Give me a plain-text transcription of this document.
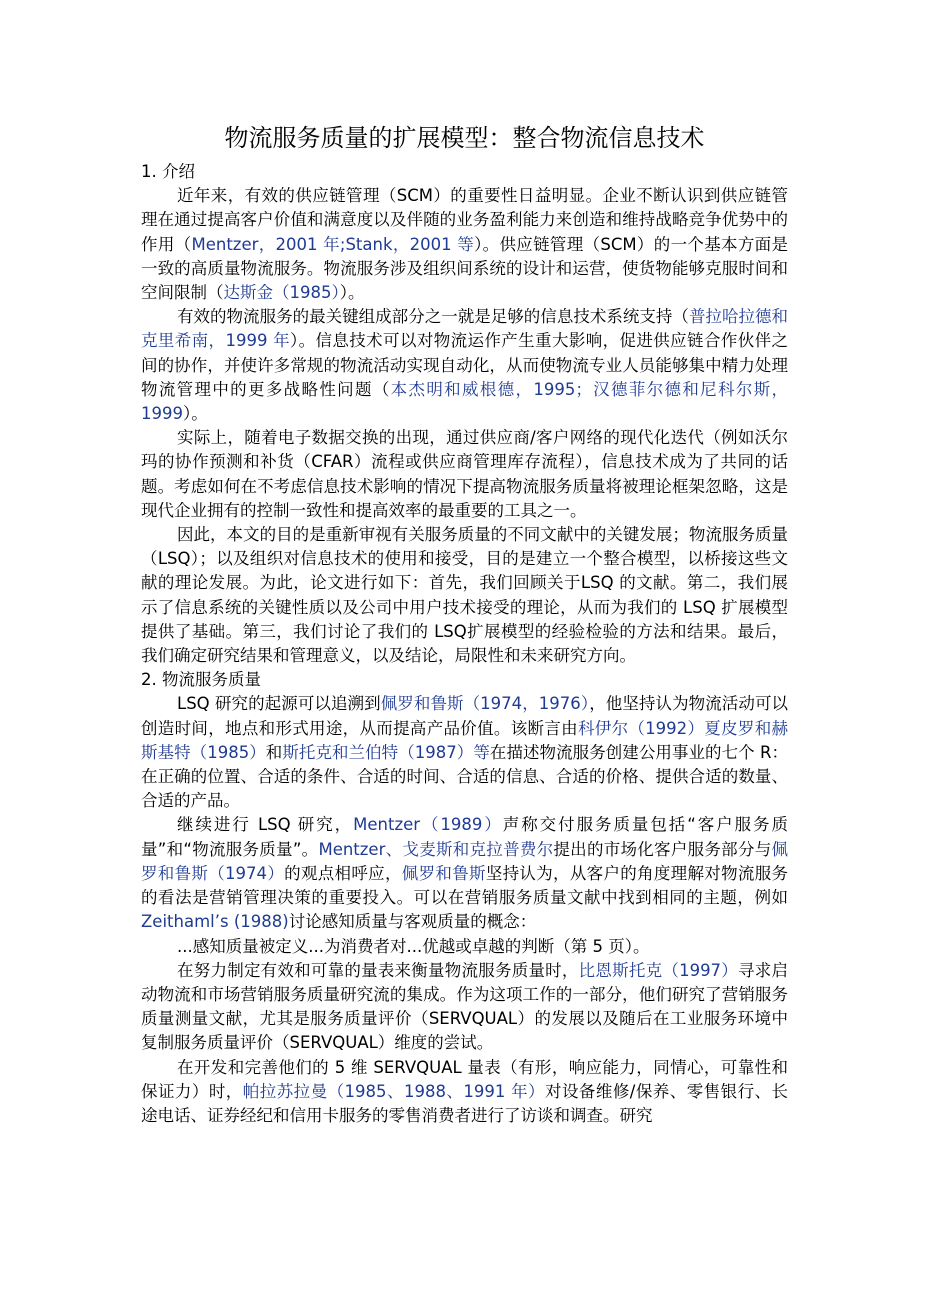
物流服务质量的扩展模型：整合物流信息技术

1. 介绍

近年来，有效的供应链管理（SCM）的重要性日益明显。企业不断认识到供应链管理在通过提高客户价值和满意度以及伴随的业务盈利能力来创造和维持战略竞争优势中的作用（Mentzer，2001 年;Stank，2001 等）。供应链管理（SCM）的一个基本方面是一致的高质量物流服务。物流服务涉及组织间系统的设计和运营，使货物能够克服时间和空间限制（达斯金（1985））。

有效的物流服务的最关键组成部分之一就是足够的信息技术系统支持（普拉哈拉德和克里希南，1999 年）。信息技术可以对物流运作产生重大影响，促进供应链合作伙伴之间的协作，并使许多常规的物流活动实现自动化，从而使物流专业人员能够集中精力处理物流管理中的更多战略性问题（本杰明和威根德，1995；汉德菲尔德和尼科尔斯，1999）。

实际上，随着电子数据交换的出现，通过供应商/客户网络的现代化迭代（例如沃尔玛的协作预测和补货（CFAR）流程或供应商管理库存流程），信息技术成为了共同的话题。考虑如何在不考虑信息技术影响的情况下提高物流服务质量将被理论框架忽略，这是现代企业拥有的控制一致性和提高效率的最重要的工具之一。

因此，本文的目的是重新审视有关服务质量的不同文献中的关键发展；物流服务质量（LSQ）；以及组织对信息技术的使用和接受，目的是建立一个整合模型，以桥接这些文献的理论发展。为此，论文进行如下：首先，我们回顾关于LSQ 的文献。第二，我们展示了信息系统的关键性质以及公司中用户技术接受的理论，从而为我们的 LSQ 扩展模型提供了基础。第三，我们讨论了我们的 LSQ扩展模型的经验检验的方法和结果。最后，我们确定研究结果和管理意义，以及结论，局限性和未来研究方向。

2. 物流服务质量

LSQ 研究的起源可以追溯到佩罗和鲁斯（1974，1976），他坚持认为物流活动可以创造时间，地点和形式用途，从而提高产品价值。该断言由科伊尔（1992）夏皮罗和赫斯基特（1985）和斯托克和兰伯特（1987）等在描述物流服务创建公用事业的七个 R：在正确的位置、合适的条件、合适的时间、合适的信息、合适的价格、提供合适的数量、合适的产品。

继续进行 LSQ 研究，Mentzer（1989）声称交付服务质量包括“客户服务质量”和“物流服务质量”。Mentzer、戈麦斯和克拉普费尔提出的市场化客户服务部分与佩罗和鲁斯（1974）的观点相呼应，佩罗和鲁斯坚持认为，从客户的角度理解对物流服务的看法是营销管理决策的重要投入。可以在营销服务质量文献中找到相同的主题，例如 Zeithaml’s (1988)讨论感知质量与客观质量的概念：

...感知质量被定义...为消费者对...优越或卓越的判断（第 5 页）。

在努力制定有效和可靠的量表来衡量物流服务质量时，比恩斯托克（1997）寻求启动物流和市场营销服务质量研究流的集成。作为这项工作的一部分，他们研究了营销服务质量测量文献，尤其是服务质量评价（SERVQUAL）的发展以及随后在工业服务环境中复制服务质量评价（SERVQUAL）维度的尝试。

在开发和完善他们的 5 维 SERVQUAL 量表（有形，响应能力，同情心，可靠性和保证力）时，帕拉苏拉曼（1985、1988、1991 年）对设备维修/保养、零售银行、长途电话、证券经纪和信用卡服务的零售消费者进行了访谈和调查。研究
